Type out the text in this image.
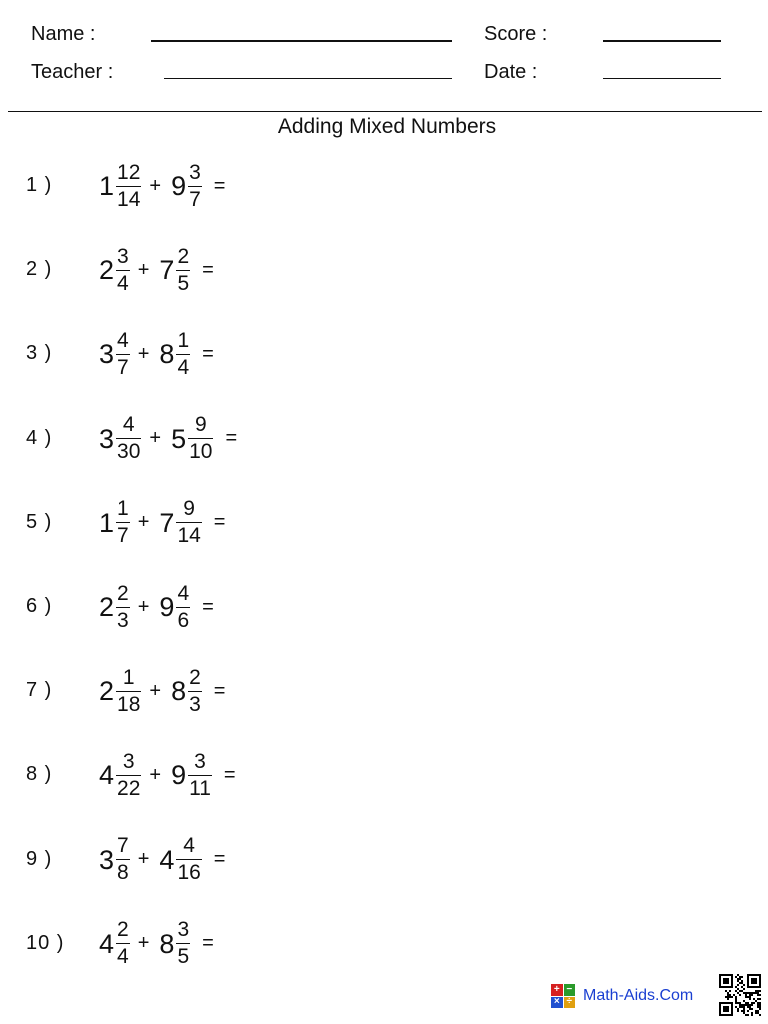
Name :	Score :
Teacher :	Date :
Adding Mixed Numbers
1 )	$1 \frac{12}{14} + 9 \frac{3}{7}$ =
2 )	$2 \frac{3}{4} + 7 \frac{2}{5}$ =
3 )	$3 \frac{4}{7} + 8 \frac{1}{4}$ =
4 )	$3 \frac{4}{30} + 5 \frac{9}{10}$ =
5 )	$1 \frac{1}{7} + 7 \frac{9}{14}$ =
6 )	$2 \frac{2}{3} + 9 \frac{4}{6}$ =
7 )	$2 \frac{1}{18} + 8 \frac{2}{3}$ =
8 )	$4 \frac{3}{22} + 9 \frac{3}{11}$ =
9 )	$3 \frac{7}{8} + 4 \frac{4}{16}$ =
10 ) $4 \frac{2}{4} + 8 \frac{3}{5}$ =
+ −
× ÷ Math-Aids.Com
